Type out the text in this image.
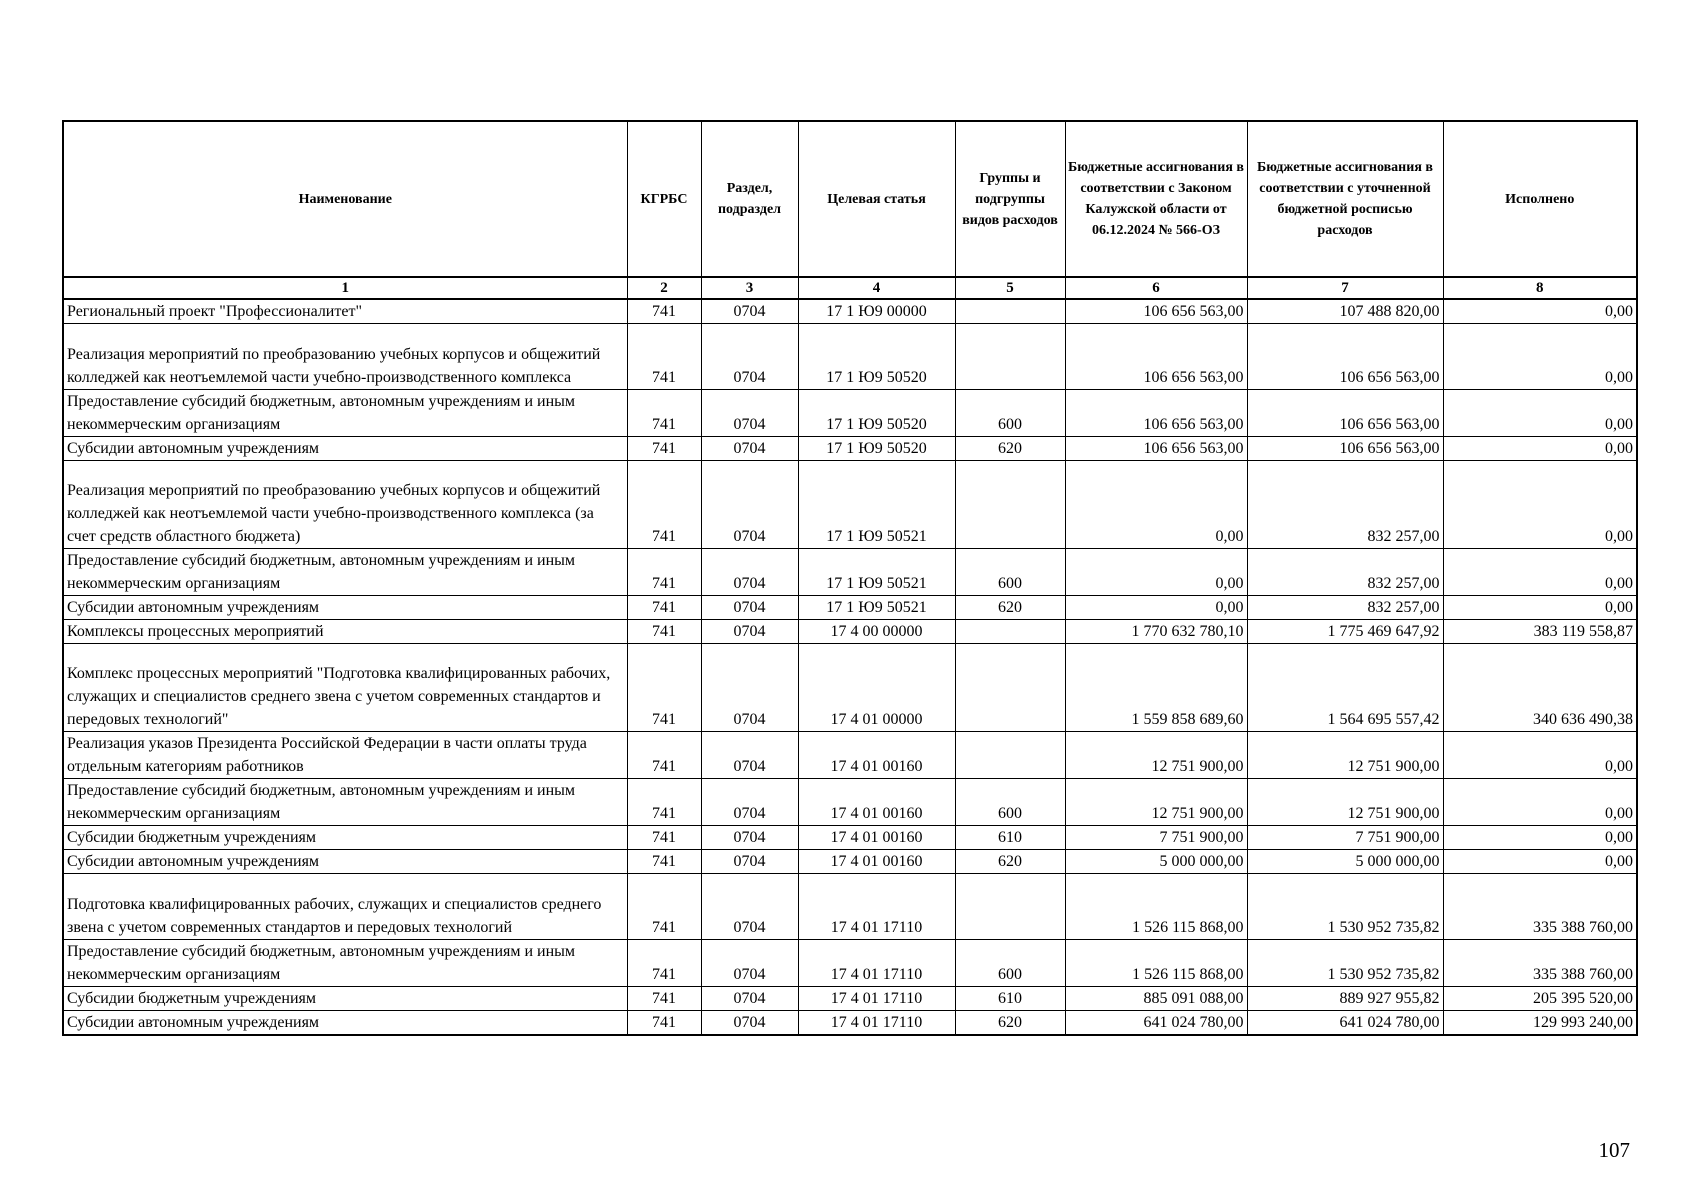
Наименование	КГРБС	Раздел, подраздел	Целевая статья	Группы и подгруппы видов расходов	Бюджетные ассигнования в соответствии с Законом Калужской области от 06.12.2024 № 566-ОЗ	Бюджетные ассигнования в соответствии с уточненной бюджетной росписью расходов	Исполнено
1	2	3	4	5	6	7	8
Региональный проект "Профессионалитет"	741	0704	17 1 Ю9 00000		106 656 563,00	107 488 820,00	0,00
Реализация мероприятий по преобразованию учебных корпусов и общежитий колледжей как неотъемлемой части учебно-производственного комплекса	741	0704	17 1 Ю9 50520		106 656 563,00	106 656 563,00	0,00
Предоставление субсидий бюджетным, автономным учреждениям и иным некоммерческим организациям	741	0704	17 1 Ю9 50520	600	106 656 563,00	106 656 563,00	0,00
Субсидии автономным учреждениям	741	0704	17 1 Ю9 50520	620	106 656 563,00	106 656 563,00	0,00
Реализация мероприятий по преобразованию учебных корпусов и общежитий колледжей как неотъемлемой части учебно-производственного комплекса (за счет средств областного бюджета)	741	0704	17 1 Ю9 50521		0,00	832 257,00	0,00
Предоставление субсидий бюджетным, автономным учреждениям и иным некоммерческим организациям	741	0704	17 1 Ю9 50521	600	0,00	832 257,00	0,00
Субсидии автономным учреждениям	741	0704	17 1 Ю9 50521	620	0,00	832 257,00	0,00
Комплексы процессных мероприятий	741	0704	17 4 00 00000		1 770 632 780,10	1 775 469 647,92	383 119 558,87
Комплекс процессных мероприятий "Подготовка квалифицированных рабочих, служащих и специалистов среднего звена с учетом современных стандартов и передовых технологий"	741	0704	17 4 01 00000		1 559 858 689,60	1 564 695 557,42	340 636 490,38
Реализация указов Президента Российской Федерации в части оплаты труда отдельным категориям работников	741	0704	17 4 01 00160		12 751 900,00	12 751 900,00	0,00
Предоставление субсидий бюджетным, автономным учреждениям и иным некоммерческим организациям	741	0704	17 4 01 00160	600	12 751 900,00	12 751 900,00	0,00
Субсидии бюджетным учреждениям	741	0704	17 4 01 00160	610	7 751 900,00	7 751 900,00	0,00
Субсидии автономным учреждениям	741	0704	17 4 01 00160	620	5 000 000,00	5 000 000,00	0,00
Подготовка квалифицированных рабочих, служащих и специалистов среднего звена с учетом современных стандартов и передовых технологий	741	0704	17 4 01 17110		1 526 115 868,00	1 530 952 735,82	335 388 760,00
Предоставление субсидий бюджетным, автономным учреждениям и иным некоммерческим организациям	741	0704	17 4 01 17110	600	1 526 115 868,00	1 530 952 735,82	335 388 760,00
Субсидии бюджетным учреждениям	741	0704	17 4 01 17110	610	885 091 088,00	889 927 955,82	205 395 520,00
Субсидии автономным учреждениям	741	0704	17 4 01 17110	620	641 024 780,00	641 024 780,00	129 993 240,00
107
